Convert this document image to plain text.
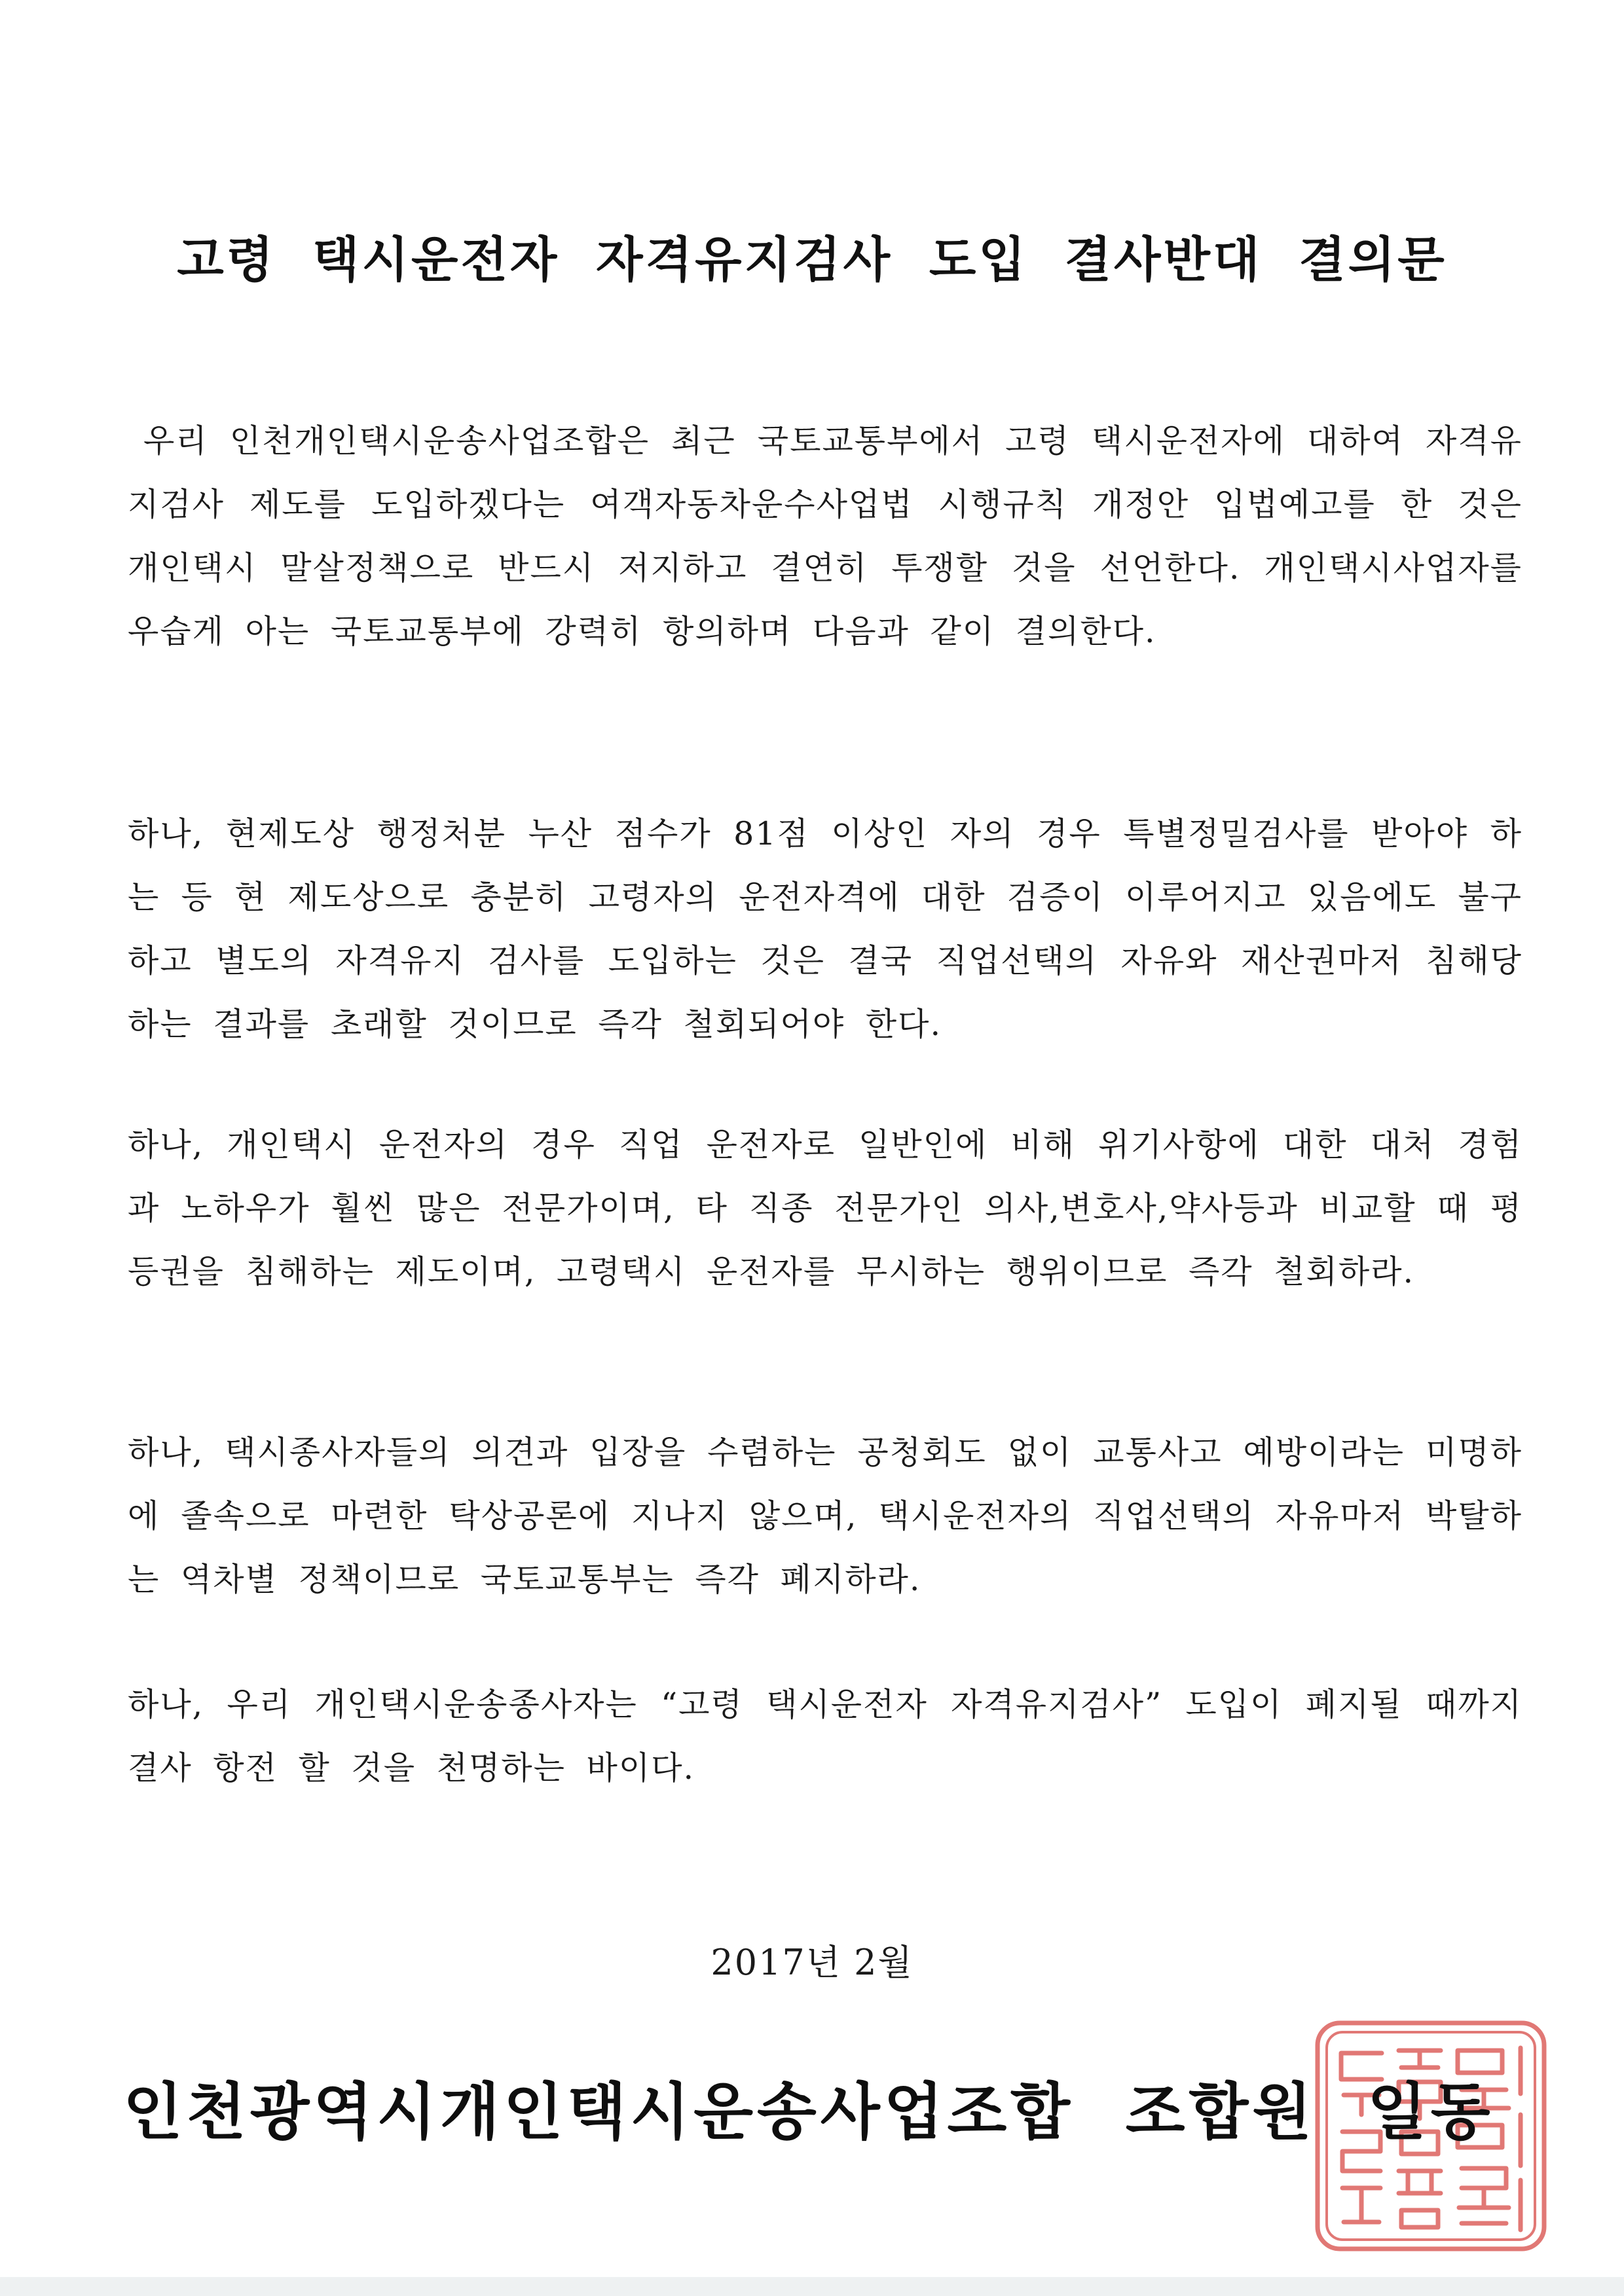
고령 택시운전자 자격유지검사 도입 결사반대 결의문
우리 인천개인택시운송사업조합은 최근 국토교통부에서 고령 택시운전자에 대하여 자격유지검사 제도를 도입하겠다는 여객자동차운수사업법 시행규칙 개정안 입법예고를 한 것은 개인택시 말살정책으로 반드시 저지하고 결연히 투쟁할 것을 선언한다. 개인택시사업자를 우습게 아는 국토교통부에 강력히 항의하며 다음과 같이 결의한다.
하나, 현제도상 행정처분 누산 점수가 81점 이상인 자의 경우 특별정밀검사를 받아야 하는 등 현 제도상으로 충분히 고령자의 운전자격에 대한 검증이 이루어지고 있음에도 불구하고 별도의 자격유지 검사를 도입하는 것은 결국 직업선택의 자유와 재산권마저 침해당하는 결과를 초래할 것이므로 즉각 철회되어야 한다.
하나, 개인택시 운전자의 경우 직업 운전자로 일반인에 비해 위기사항에 대한 대처 경험과 노하우가 훨씬 많은 전문가이며, 타 직종 전문가인 의사,변호사,약사등과 비교할 때 평등권을 침해하는 제도이며, 고령택시 운전자를 무시하는 행위이므로 즉각 철회하라.
하나, 택시종사자들의 의견과 입장을 수렴하는 공청회도 없이 교통사고 예방이라는 미명하에 졸속으로 마련한 탁상공론에 지나지 않으며, 택시운전자의 직업선택의 자유마저 박탈하는 역차별 정책이므로 국토교통부는 즉각 폐지하라.
하나, 우리 개인택시운송종사자는 “고령 택시운전자 자격유지검사” 도입이 폐지될 때까지 결사 항전 할 것을 천명하는 바이다.
2017년 2월
인천광역시개인택시운송사업조합 조합원 일동
